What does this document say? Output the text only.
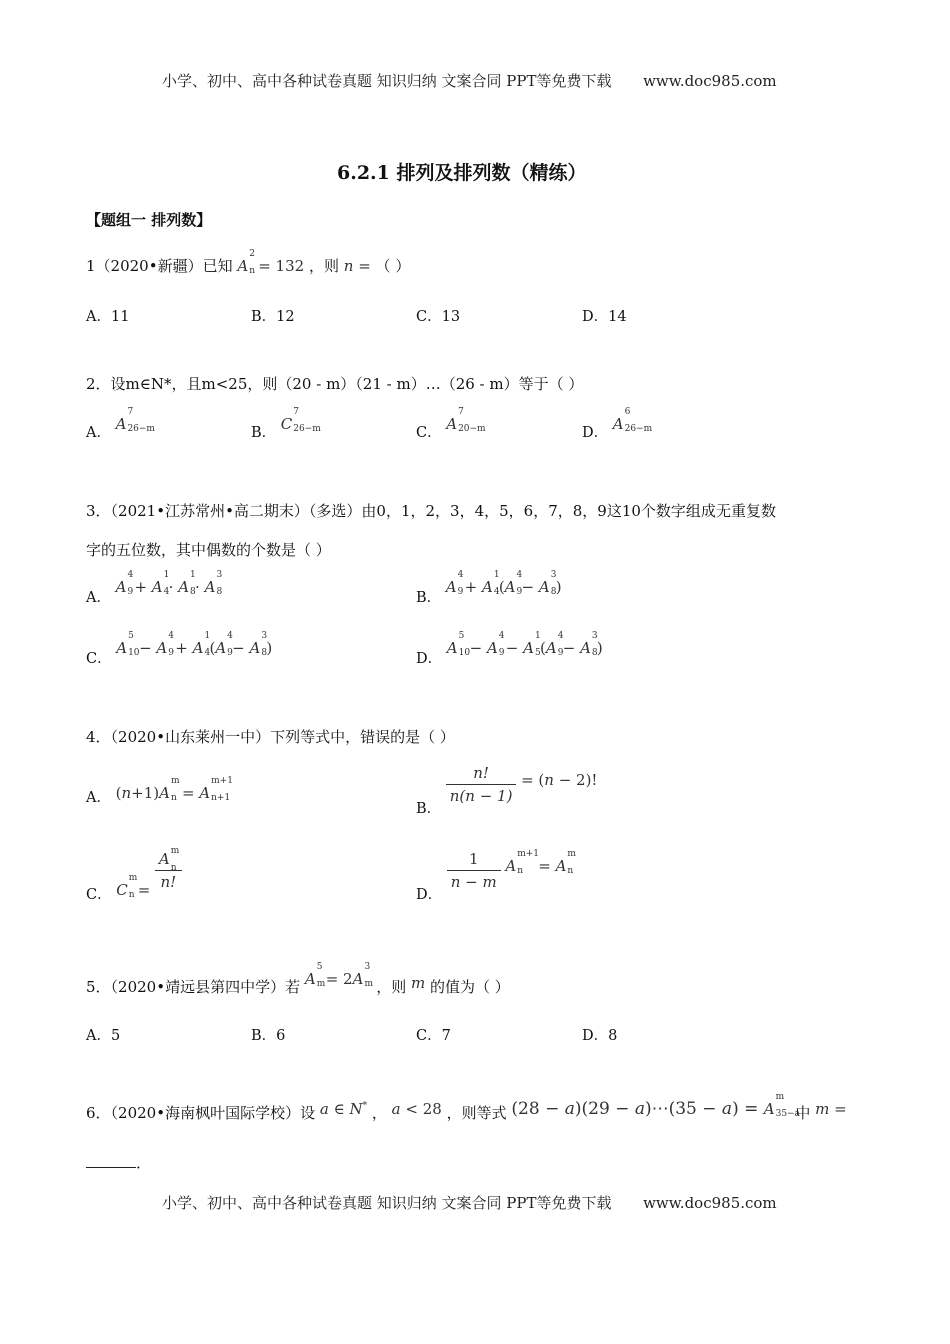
小学、初中、高中各种试卷真题 知识归纳 文案合同 PPT等免费下载 www.doc985.com
6.2.1 排列及排列数（精练）
【题组一 排列数】
1（2020•新疆）已知 A
2
n = 132 ，则 n = （ ）
A．11	B．12	C．13	D．14
2．设m∈N*，且m<25，则（20 - m）（21 - m）…（26 - m）等于（ ）
A． A
7
26−m	B． C
7
26−m	C． A
7
20−m	D． A
6
26−m
3．（2021•江苏常州•高二期末）（多选）由0，1，2，3，4，5，6，7，8，9这10个数字组成无重复数
字的五位数，其中偶数的个数是（ ）
A． A
4
9 + A
1
4 · A
1
8 · A
3
8	B． A
4
9 + A
1
4 (A
4
9 − A
3
8 )
C． A
5
10 − A
4
9 + A
1
4 (A
4
9 − A
3
8 )
D． A
5
10 − A
4
9 − A
1
5 (A
4
9 − A
3
8 )
4．（2020•山东莱州一中）下列等式中，错误的是（ ）
A． (n+1)A
m
n = A
m+1
n+1
B．
$\frac{n!}{n(n - 1)} = (n - 2)$!
C． C
m
n = A m
n
n!
D．
$\frac{1}{n - m}$ A
m+1
n = A
m
n
5．（2020•靖远县第四中学）若 A
5
m = 2A
3
m ，则 m 的值为（ ）
A．5	B．6	C．7	D．8
6．（2020•海南枫叶国际学校）设 a ∈ N* ， a < 28 ，则等式 (28 − a)(29 − a)⋯(35 − a) = A
m
35−a
中 m =
．
小学、初中、高中各种试卷真题 知识归纳 文案合同 PPT等免费下载 www.doc985.com
